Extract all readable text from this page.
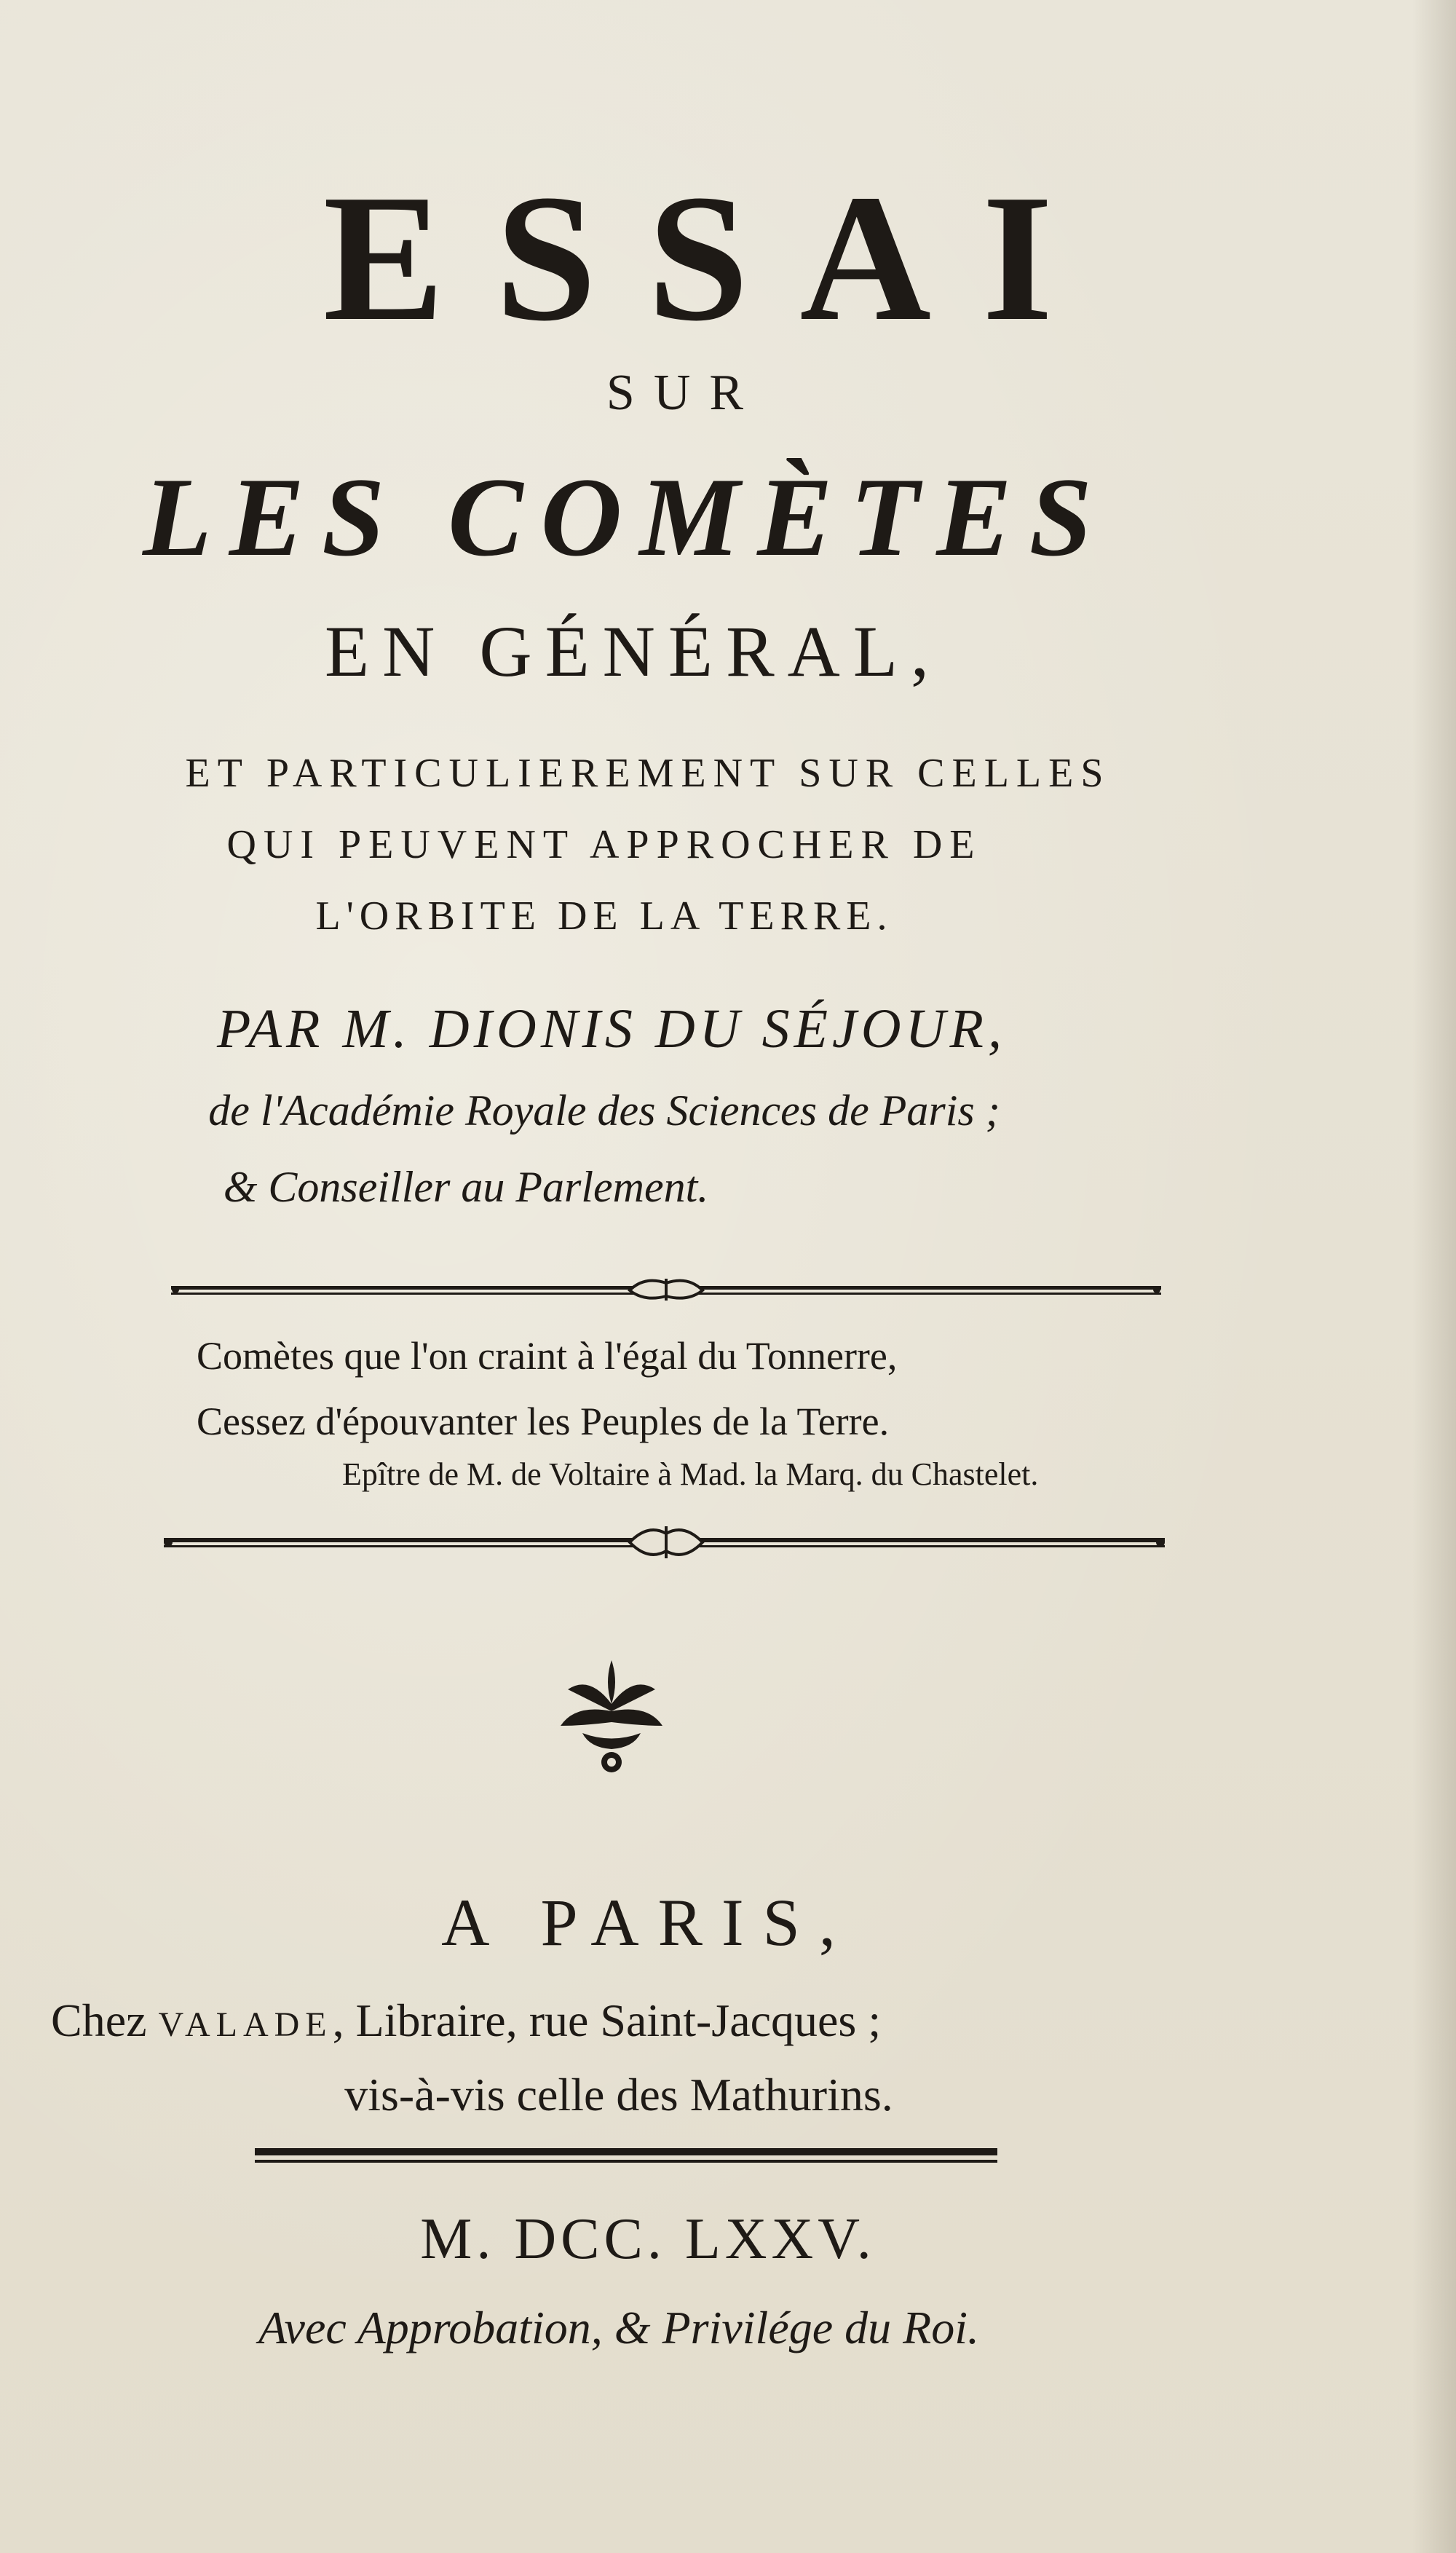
ESSAI
SUR
LES COMÈTES
EN GÉNÉRAL,
ET PARTICULIEREMENT SUR CELLES
QUI PEUVENT APPROCHER DE
L'ORBITE DE LA TERRE.
PAR M. DIONIS DU SÉJOUR,
de l'Académie Royale des Sciences de Paris ;
& Conseiller au Parlement.
Comètes que l'on craint à l'égal du Tonnerre,
Cessez d'épouvanter les Peuples de la Terre.
Epître de M. de Voltaire à Mad. la Marq. du Chastelet.
A PARIS,
Chez VALADE, Libraire, rue Saint-Jacques ;
vis-à-vis celle des Mathurins.
M. DCC. LXXV.
Avec Approbation, & Privilége du Roi.
